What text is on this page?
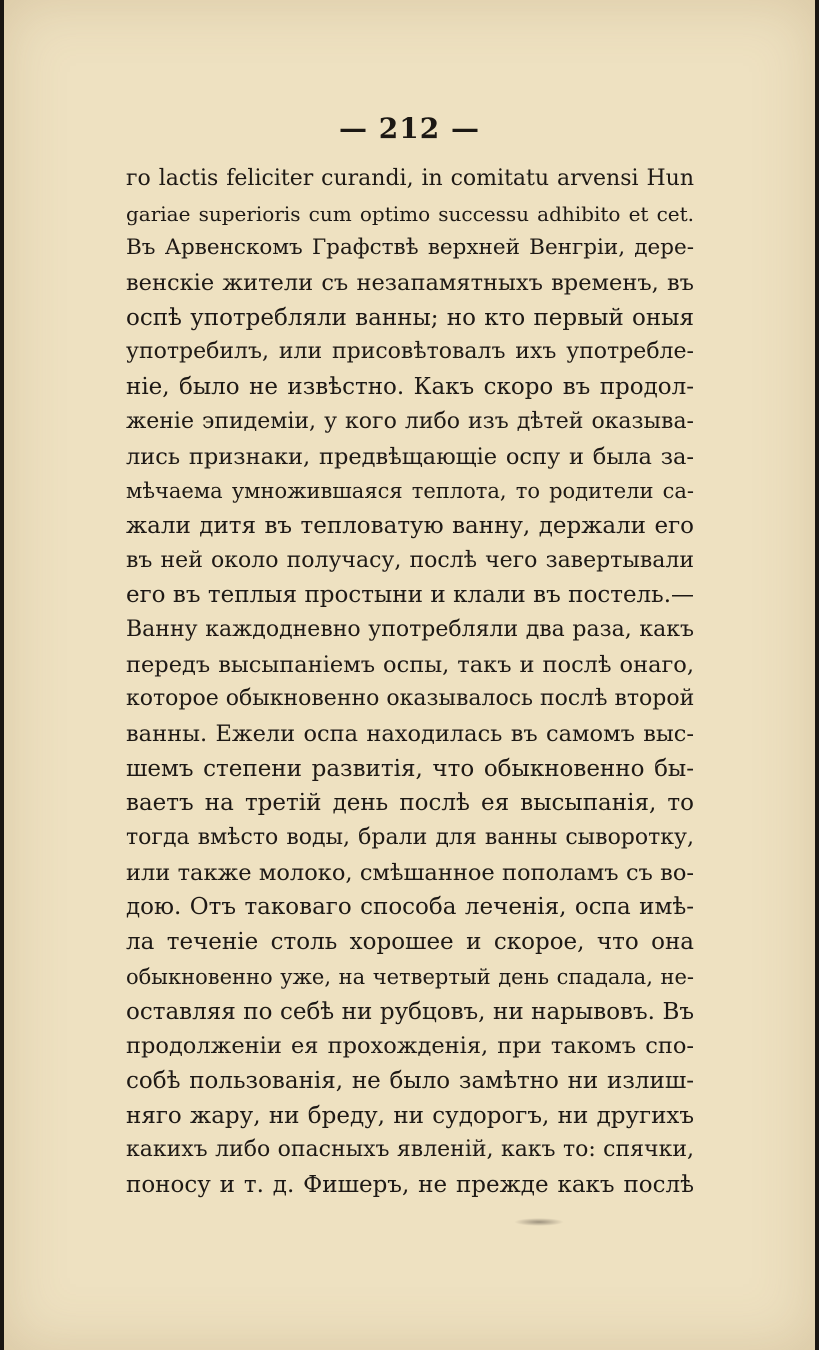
— 212 —
го lactis feliciter curandi, in comitatu arvensi Hun
gariae superioris cum optimo successu adhibito et cet.
Въ Арвенскомъ Графствѣ верхней Венгріи, дере-
венскіе жители съ незапамятныхъ временъ, въ
оспѣ употребляли ванны; но кто первый оныя
употребилъ, или присовѣтовалъ ихъ употребле-
ніе, было не извѣстно. Какъ скоро въ продол-
женіе эпидеміи, у кого либо изъ дѣтей оказыва-
лись признаки, предвѣщающіе оспу и была за-
мѣчаема умножившаяся теплота, то родители са-
жали дитя въ тепловатую ванну, держали его
въ ней около получасу, послѣ чего завертывали
его въ теплыя простыни и клали въ постель.—
Ванну каждодневно употребляли два раза, какъ
передъ высыпаніемъ оспы, такъ и послѣ онаго,
которое обыкновенно оказывалось послѣ второй
ванны. Ежели оспа находилась въ самомъ выс-
шемъ степени развитія, что обыкновенно бы-
ваетъ на третій день послѣ ея высыпанія, то
тогда вмѣсто воды, брали для ванны сыворотку,
или также молоко, смѣшанное пополамъ съ во-
дою. Отъ таковаго способа леченія, оспа имѣ-
ла теченіе столь хорошее и скорое, что она
обыкновенно уже, на четвертый день спадала, не-
оставляя по себѣ ни рубцовъ, ни нарывовъ. Въ
продолженіи ея прохожденія, при такомъ спо-
собѣ пользованія, не было замѣтно ни излиш-
няго жару, ни бреду, ни судорогъ, ни другихъ
какихъ либо опасныхъ явленій, какъ то: спячки,
поносу и т. д. Фишеръ, не прежде какъ послѣ
